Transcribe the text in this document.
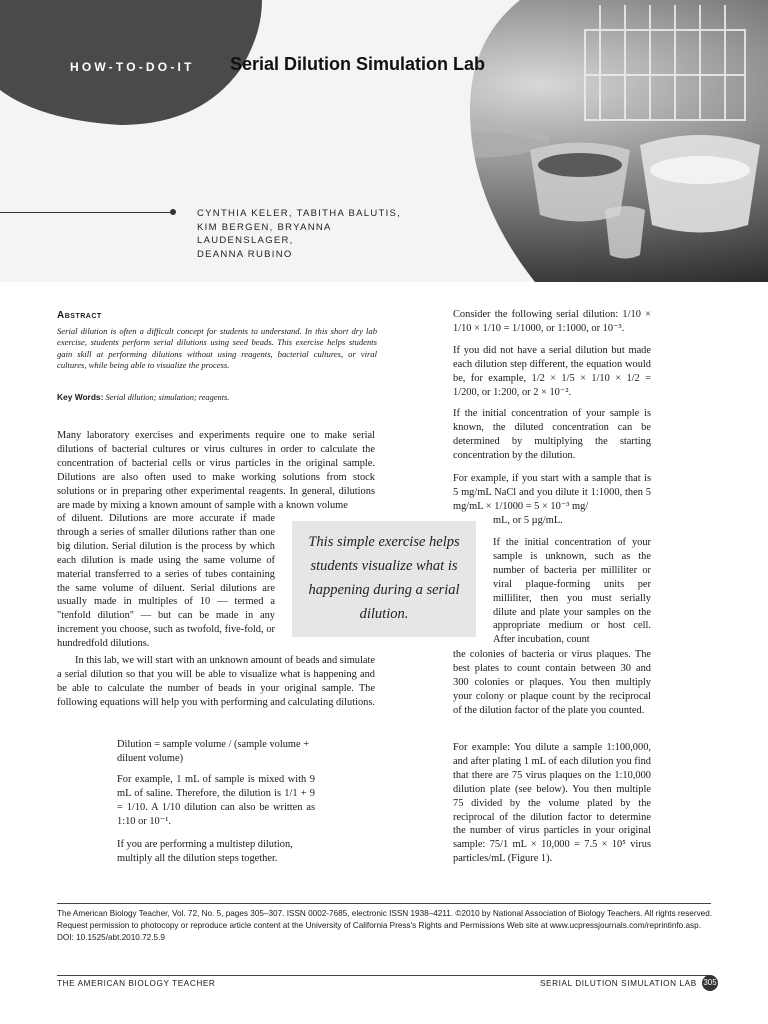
HOW-TO-DO-IT Serial Dilution Simulation Lab
CYNTHIA KELER, TABITHA BALUTIS,
KIM BERGEN, BRYANNA LAUDENSLAGER,
DEANNA RUBINO
Abstract

Serial dilution is often a difficult concept for students to understand. In this short dry lab exercise, students perform serial dilutions using seed beads. This exercise helps students gain skill at performing dilutions without using reagents, bacterial cultures, or viral cultures, while being able to visualize the process.

Key Words: Serial dilution; simulation; reagents.

Many laboratory exercises and experiments require one to make serial dilutions of bacterial cultures or virus cultures in order to calculate the concentration of bacterial cells or virus particles in the original sample. Dilutions are also often used to make working solutions from stock solutions or in preparing other experimental reagents. In general, dilutions are made by mixing a known amount of sample with a known volume

of diluent. Dilutions are more accurate if made through a series of smaller dilutions rather than one big dilution. Serial dilution is the process by which each dilution is made using the same volume of material transferred to a series of tubes containing the same volume of diluent. Serial dilutions are usually made in multiples of 10 — termed a "tenfold dilution" — but can be made in any increment you choose, such as twofold, five-fold, or hundredfold dilutions.

In this lab, we will start with an unknown amount of beads and simulate a serial dilution so that you will be able to visualize what is happening and be able to calculate the number of beads in your original sample. The following equations will help you with performing and calculating dilutions.

Dilution = sample volume / (sample volume + diluent volume)

For example, 1 mL of sample is mixed with 9 mL of saline. Therefore, the dilution is 1/1 + 9 = 1/10. A 1/10 dilution can also be written as 1:10 or 10⁻¹.

If you are performing a multistep dilution, multiply all the dilution steps together.

This simple exercise helps students visualize what is happening during a serial dilution.

Consider the following serial dilution: 1/10 × 1/10 × 1/10 = 1/1000, or 1:1000, or 10⁻³.

If you did not have a serial dilution but made each dilution step different, the equation would be, for example, 1/2 × 1/5 × 1/10 × 1/2 = 1/200, or 1:200, or 2 × 10⁻².

If the initial concentration of your sample is known, the diluted concentration can be determined by multiplying the starting concentration by the dilution.

For example, if you start with a sample that is 5 mg/mL NaCl and you dilute it 1:1000, then 5 mg/mL × 1/1000 = 5 × 10⁻³ mg/

mL, or 5 µg/mL.

If the initial concentration of your sample is unknown, such as the number of bacteria per milliliter or viral plaque-forming units per milliliter, then you must serially dilute and plate your samples on the appropriate medium or host cell. After incubation, count

the colonies of bacteria or virus plaques. The best plates to count contain between 30 and 300 colonies or plaques. You then multiply your colony or plaque count by the reciprocal of the dilution factor of the plate you counted.

For example: You dilute a sample 1:100,000, and after plating 1 mL of each dilution you find that there are 75 virus plaques on the 1:10,000 dilution plate (see below). You then multiple 75 divided by the volume plated by the reciprocal of the dilution factor to determine the number of virus particles in your original sample: 75/1 mL × 10,000 = 7.5 × 10⁵ virus particles/mL (Figure 1).

The American Biology Teacher, Vol. 72, No. 5, pages 305–307. ISSN 0002-7685, electronic ISSN 1938–4211. ©2010 by National Association of Biology Teachers. All rights reserved.
Request permission to photocopy or reproduce article content at the University of California Press's Rights and Permissions Web site at www.ucpressjournals.com/reprintinfo.asp.
DOI: 10.1525/abt.2010.72.5.9
THE AMERICAN BIOLOGY TEACHER	SERIAL DILUTION SIMULATION LAB 305
